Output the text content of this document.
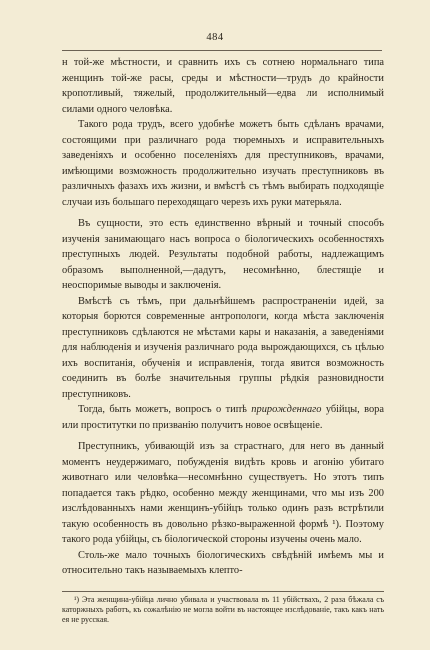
484

н той-же мѣстности, и сравнить ихъ съ сотнею нормальнаго типа женщинъ той-же расы, среды и мѣстности—трудъ до крайности кропотливый, тяжелый, продолжительный—едва ли исполнимый силами одного человѣка.

Такого рода трудъ, всего удобнѣе можетъ быть сдѣланъ врачами, состоящими при различнаго рода тюремныхъ и исправительныхъ заведеніяхъ и особенно поселеніяхъ для преступниковъ, врачами, имѣющими возможность продолжительно изучать преступниковъ въ различныхъ фазахъ ихъ жизни, и вмѣстѣ съ тѣмъ выбирать подходящіе случаи изъ большаго переходящаго черезъ ихъ руки матерьяла.

Въ сущности, это есть единственно вѣрный и точный способъ изученія занимающаго насъ вопроса о біологическихъ особенностяхъ преступныхъ людей. Результаты подобной работы, надлежащимъ образомъ выполненной,—дадутъ, несомнѣнно, блестящіе и неоспоримые выводы и заключенія.

Вмѣстѣ съ тѣмъ, при дальнѣйшемъ распространеніи идей, за которыя борются современные антропологи, когда мѣста заключенія преступниковъ сдѣлаются не мѣстами кары и наказанія, а заведеніями для наблюденія и изученія различнаго рода вырождающихся, съ цѣлью ихъ воспитанія, обученія и исправленія, тогда явится возможность соединить въ болѣе значительныя группы рѣдкія разновидности преступниковъ.

Тогда, быть можетъ, вопросъ о типѣ прирожденнаго убійцы, вора или проститутки по призванію получитъ новое освѣщеніе.

Преступникъ, убивающій изъ за страстнаго, для него въ данный моментъ неудержимаго, побужденія видѣть кровь и агонію убитаго животнаго или человѣка—несомнѣнно существуетъ. Но этотъ типъ попадается такъ рѣдко, особенно между женщинами, что мы изъ 200 изслѣдованныхъ нами женщинъ-убійцъ только одинъ разъ встрѣтили такую особенность въ довольно рѣзко-выраженной формѣ ¹). Поэтому такого рода убійцы, съ біологической стороны изучены очень мало.

Столь-же мало точныхъ біологическихъ свѣдѣній имѣемъ мы и относительно такъ называемыхъ клепто-

¹) Эта женщина-убійца лично убивала и участвовала въ 11 убійствахъ, 2 раза бѣжала съ каторжныхъ работъ, къ сожалѣнію не могла войти въ настоящее изслѣдованіе, такъ какъ нать ея не русская.
